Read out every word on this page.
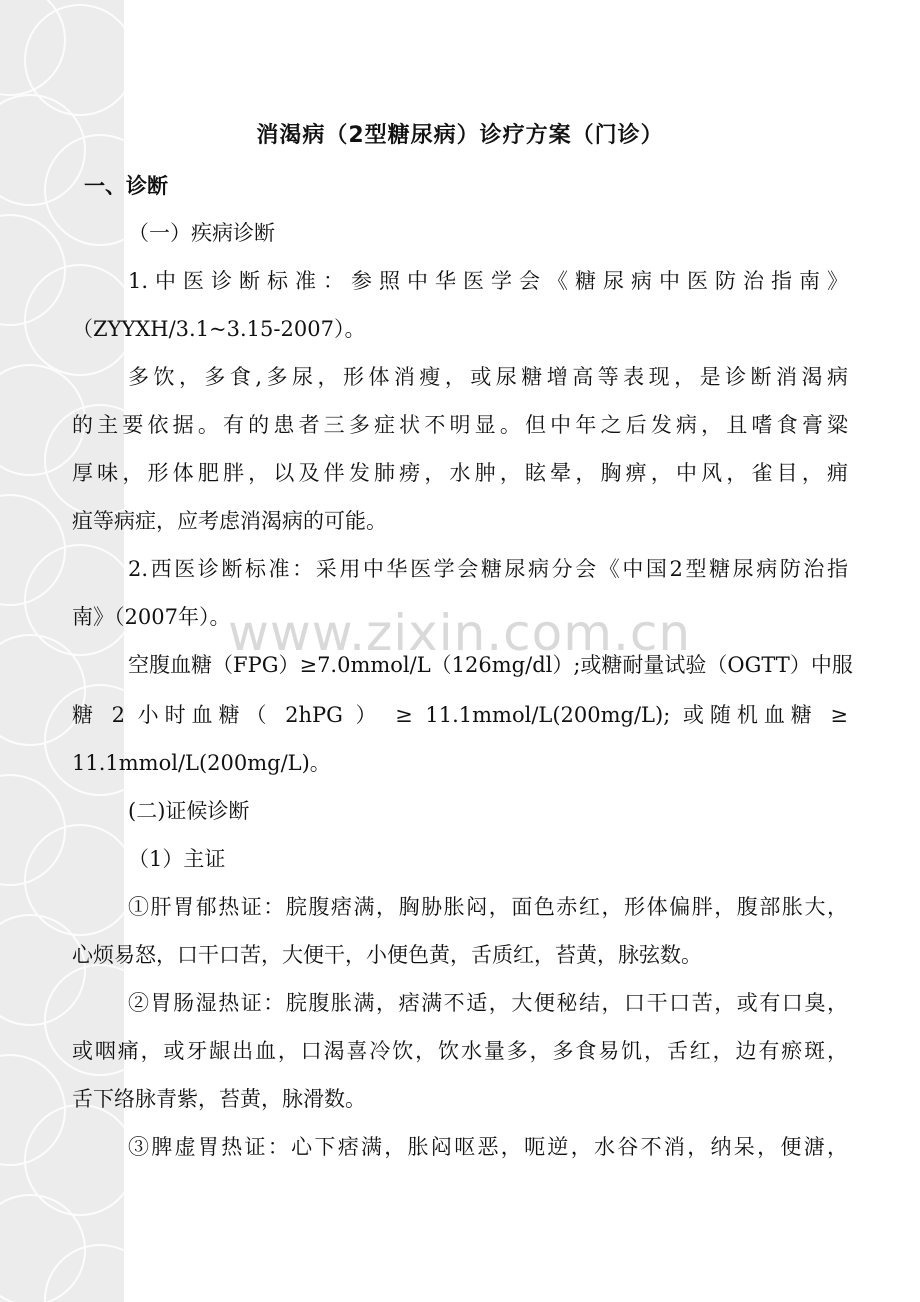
www.zixin.com.cn
消渴病（2型糖尿病）诊疗方案（门诊）
一、诊断
（一）疾病诊断
1.中医诊断标准：参照中华医学会《糖尿病中医防治指南》
（ZYYXH/3.1~3.15-2007）。
多饮，多食,多尿，形体消瘦，或尿糖增高等表现，是诊断消渴病
的主要依据。有的患者三多症状不明显。但中年之后发病，且嗜食膏粱
厚味，形体肥胖，以及伴发肺痨，水肿，眩晕，胸痹，中风，雀目，痈
疽等病症，应考虑消渴病的可能。
2.西医诊断标准：采用中华医学会糖尿病分会《中国2型糖尿病防治指
南》（2007年）。
空腹血糖（FPG）≥7.0mmol/L（126mg/dl）;或糖耐量试验（OGTT）中服
糖 2 小时血糖（ 2hPG ） ≥ 11.1mmol/L(200mg/L); 或随机血糖 ≥
11.1mmol/L(200mg/L)。
(二)证候诊断
（1）主证
①肝胃郁热证：脘腹痞满，胸胁胀闷，面色赤红，形体偏胖，腹部胀大，
心烦易怒，口干口苦，大便干，小便色黄，舌质红，苔黄，脉弦数。
②胃肠湿热证：脘腹胀满，痞满不适，大便秘结，口干口苦，或有口臭，
或咽痛，或牙龈出血，口渴喜冷饮，饮水量多，多食易饥，舌红，边有瘀斑，
舌下络脉青紫，苔黄，脉滑数。
③脾虚胃热证：心下痞满，胀闷呕恶，呃逆，水谷不消，纳呆，便溏，
